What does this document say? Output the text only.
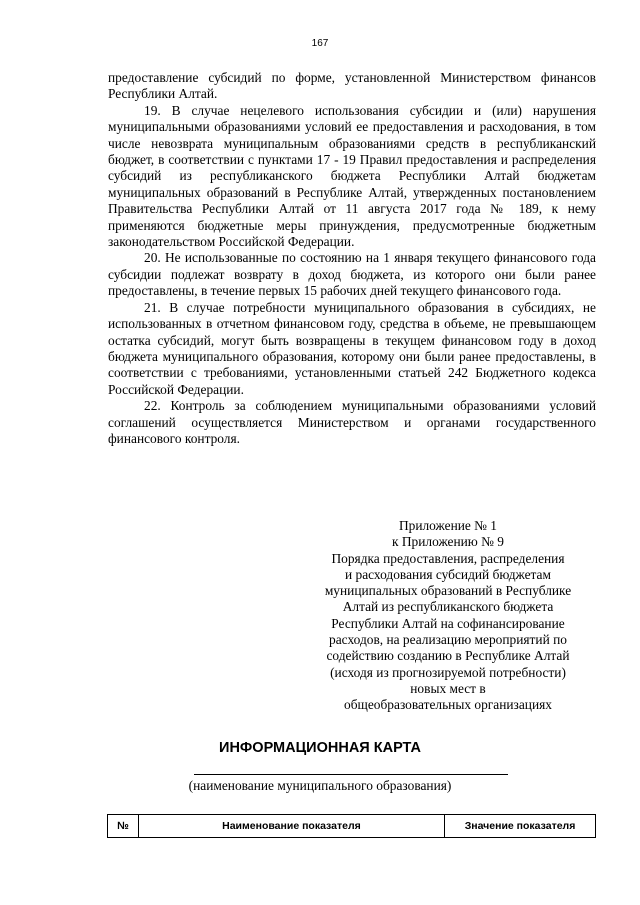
167

предоставление субсидий по форме, установленной Министерством финансов Республики Алтай.

19. В случае нецелевого использования субсидии и (или) нарушения муниципальными образованиями условий ее предоставления и расходования, в том числе невозврата муниципальным образованиями средств в республиканский бюджет, в соответствии с пунктами 17 - 19 Правил предоставления и распределения субсидий из республиканского бюджета Республики Алтай бюджетам муниципальных образований в Республике Алтай, утвержденных постановлением Правительства Республики Алтай от 11 августа 2017 года № 189, к нему применяются бюджетные меры принуждения, предусмотренные бюджетным законодательством Российской Федерации.

20. Не использованные по состоянию на 1 января текущего финансового года субсидии подлежат возврату в доход бюджета, из которого они были ранее предоставлены, в течение первых 15 рабочих дней текущего финансового года.

21. В случае потребности муниципального образования в субсидиях, не использованных в отчетном финансовом году, средства в объеме, не превышающем остатка субсидий, могут быть возвращены в текущем финансовом году в доход бюджета муниципального образования, которому они были ранее предоставлены, в соответствии с требованиями, установленными статьей 242 Бюджетного кодекса Российской Федерации.

22. Контроль за соблюдением муниципальными образованиями условий соглашений осуществляется Министерством и органами государственного финансового контроля.

Приложение № 1
к Приложению № 9
Порядка предоставления, распределения
и расходования субсидий бюджетам
муниципальных образований в Республике
Алтай из республиканского бюджета
Республики Алтай на софинансирование
расходов, на реализацию мероприятий по
содействию созданию в Республике Алтай
(исходя из прогнозируемой потребности)
новых мест в
общеобразовательных организациях
ИНФОРМАЦИОННАЯ КАРТА
(наименование муниципального образования)
№	Наименование показателя	Значение показателя
